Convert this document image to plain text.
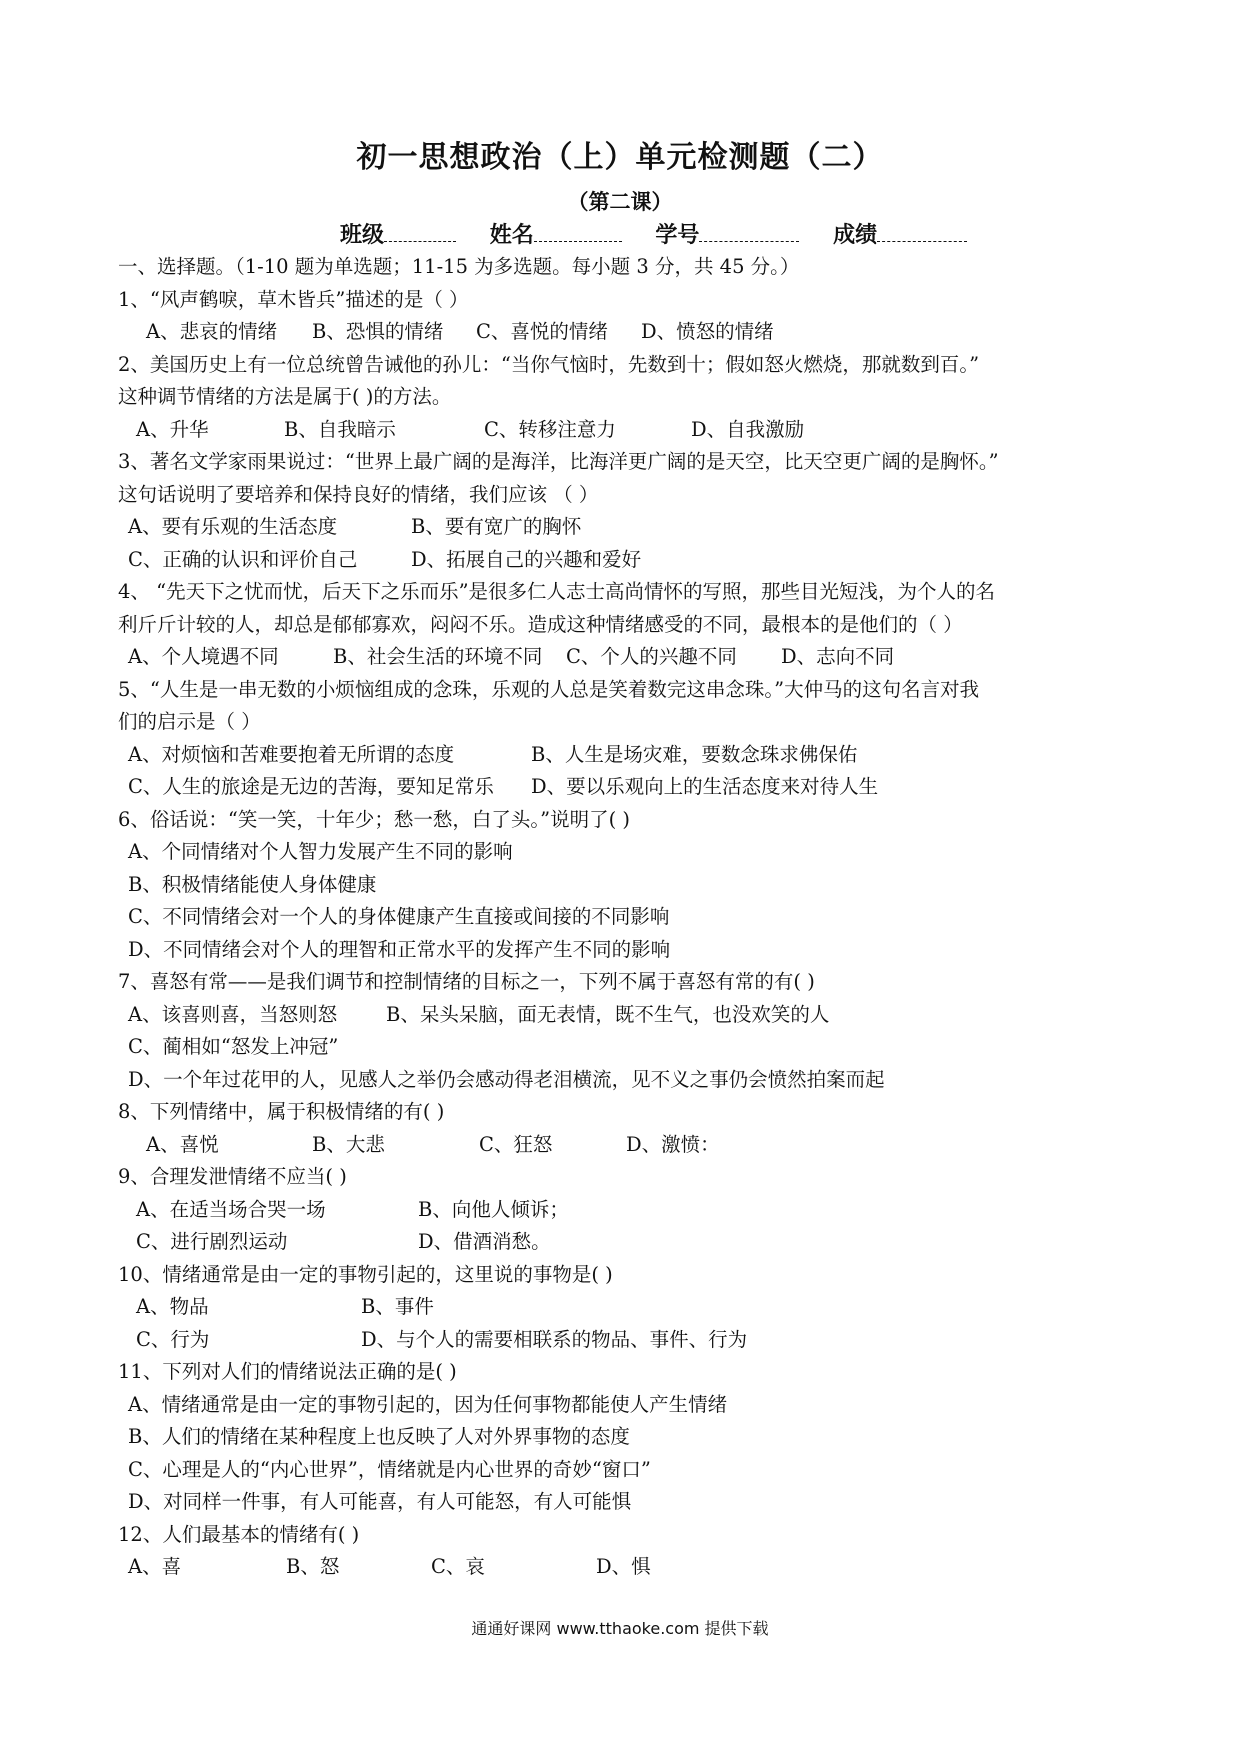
初一思想政治（上）单元检测题（二）
（第二课）
班级	姓名	学号	成绩
一、选择题。（1-10 题为单选题；11-15 为多选题。每小题 3 分，共 45 分。）
1、“风声鹤唳，草木皆兵”描述的是（ ）
A、悲哀的情绪 B、恐惧的情绪 C、喜悦的情绪 D、愤怒的情绪
2、美国历史上有一位总统曾告诫他的孙儿：“当你气恼时，先数到十；假如怒火燃烧，那就数到百。”
这种调节情绪的方法是属于( )的方法。
A、升华	B、自我暗示	C、转移注意力	D、自我激励
3、著名文学家雨果说过：“世界上最广阔的是海洋，比海洋更广阔的是天空，比天空更广阔的是胸怀。”
这句话说明了要培养和保持良好的情绪，我们应该 （ ）
A、要有乐观的生活态度	B、要有宽广的胸怀
C、正确的认识和评价自己	D、拓展自己的兴趣和爱好
4、 “先天下之忧而忧，后天下之乐而乐”是很多仁人志士高尚情怀的写照，那些目光短浅，为个人的名
利斤斤计较的人，却总是郁郁寡欢，闷闷不乐。造成这种情绪感受的不同，最根本的是他们的（ ）
A、个人境遇不同	B、社会生活的环境不同 C、个人的兴趣不同 D、志向不同
5、“人生是一串无数的小烦恼组成的念珠，乐观的人总是笑着数完这串念珠。”大仲马的这句名言对我
们的启示是（ ）
A、对烦恼和苦难要抱着无所谓的态度	B、人生是场灾难，要数念珠求佛保佑
C、人生的旅途是无边的苦海，要知足常乐 D、要以乐观向上的生活态度来对待人生
6、俗话说：“笑一笑，十年少；愁一愁，白了头。”说明了( )
A、个同情绪对个人智力发展产生不同的影响
B、积极情绪能使人身体健康
C、不同情绪会对一个人的身体健康产生直接或间接的不同影响
D、不同情绪会对个人的理智和正常水平的发挥产生不同的影响
7、喜怒有常——是我们调节和控制情绪的目标之一，下列不属于喜怒有常的有( )
A、该喜则喜，当怒则怒	B、呆头呆脑，面无表情，既不生气，也没欢笑的人
C、蔺相如“怒发上冲冠”
D、一个年过花甲的人，见感人之举仍会感动得老泪横流，见不义之事仍会愤然拍案而起
8、下列情绪中，属于积极情绪的有( )
A、喜悦	B、大悲	C、狂怒	D、激愤：
9、合理发泄情绪不应当( )
A、在适当场合哭一场	B、向他人倾诉；
C、进行剧烈运动	D、借酒消愁。
10、情绪通常是由一定的事物引起的，这里说的事物是( )
A、物品	B、事件
C、行为	D、与个人的需要相联系的物品、事件、行为
11、下列对人们的情绪说法正确的是( )
A、情绪通常是由一定的事物引起的，因为任何事物都能使人产生情绪
B、人们的情绪在某种程度上也反映了人对外界事物的态度
C、心理是人的“内心世界”，情绪就是内心世界的奇妙“窗口”
D、对同样一件事，有人可能喜，有人可能怒，有人可能惧
12、人们最基本的情绪有( )
A、喜	B、怒	C、哀	D、惧
通通好课网 www.tthaoke.com 提供下载
